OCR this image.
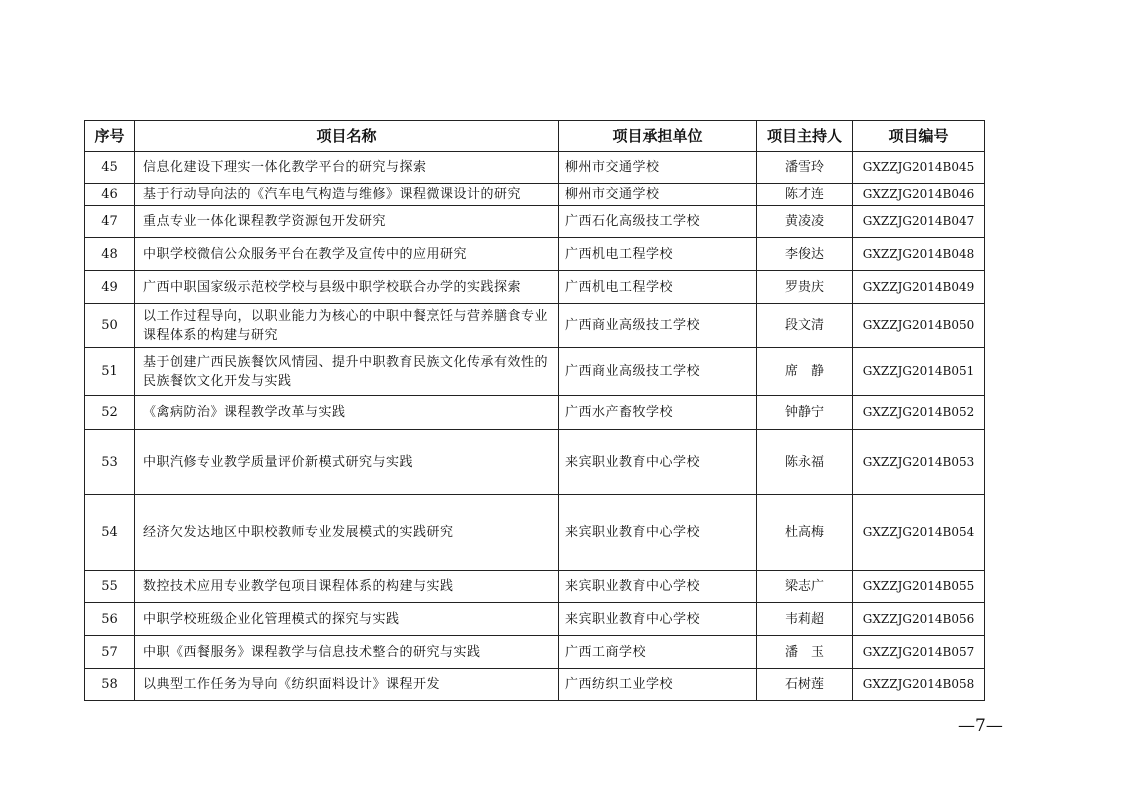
序号	项目名称	项目承担单位	项目主持人	项目编号
45	信息化建设下理实一体化教学平台的研究与探索	柳州市交通学校	潘雪玲	GXZZJG2014B045
46	基于行动导向法的《汽车电气构造与维修》课程微课设计的研究	柳州市交通学校	陈才连	GXZZJG2014B046
47	重点专业一体化课程教学资源包开发研究	广西石化高级技工学校	黄凌凌	GXZZJG2014B047
48	中职学校微信公众服务平台在教学及宣传中的应用研究	广西机电工程学校	李俊达	GXZZJG2014B048
49	广西中职国家级示范校学校与县级中职学校联合办学的实践探索	广西机电工程学校	罗贵庆	GXZZJG2014B049
50	以工作过程导向，以职业能力为核心的中职中餐烹饪与营养膳食专业课程体系的构建与研究	广西商业高级技工学校	段文清	GXZZJG2014B050
51	基于创建广西民族餐饮风情园、提升中职教育民族文化传承有效性的民族餐饮文化开发与实践	广西商业高级技工学校	席　静	GXZZJG2014B051
52	《禽病防治》课程教学改革与实践	广西水产畜牧学校	钟静宁	GXZZJG2014B052
53	中职汽修专业教学质量评价新模式研究与实践	来宾职业教育中心学校	陈永福	GXZZJG2014B053
54	经济欠发达地区中职校教师专业发展模式的实践研究	来宾职业教育中心学校	杜高梅	GXZZJG2014B054
55	数控技术应用专业教学包项目课程体系的构建与实践	来宾职业教育中心学校	梁志广	GXZZJG2014B055
56	中职学校班级企业化管理模式的探究与实践	来宾职业教育中心学校	韦莉超	GXZZJG2014B056
57	中职《西餐服务》课程教学与信息技术整合的研究与实践	广西工商学校	潘　玉	GXZZJG2014B057
58	以典型工作任务为导向《纺织面料设计》课程开发	广西纺织工业学校	石树莲	GXZZJG2014B058
—7—
